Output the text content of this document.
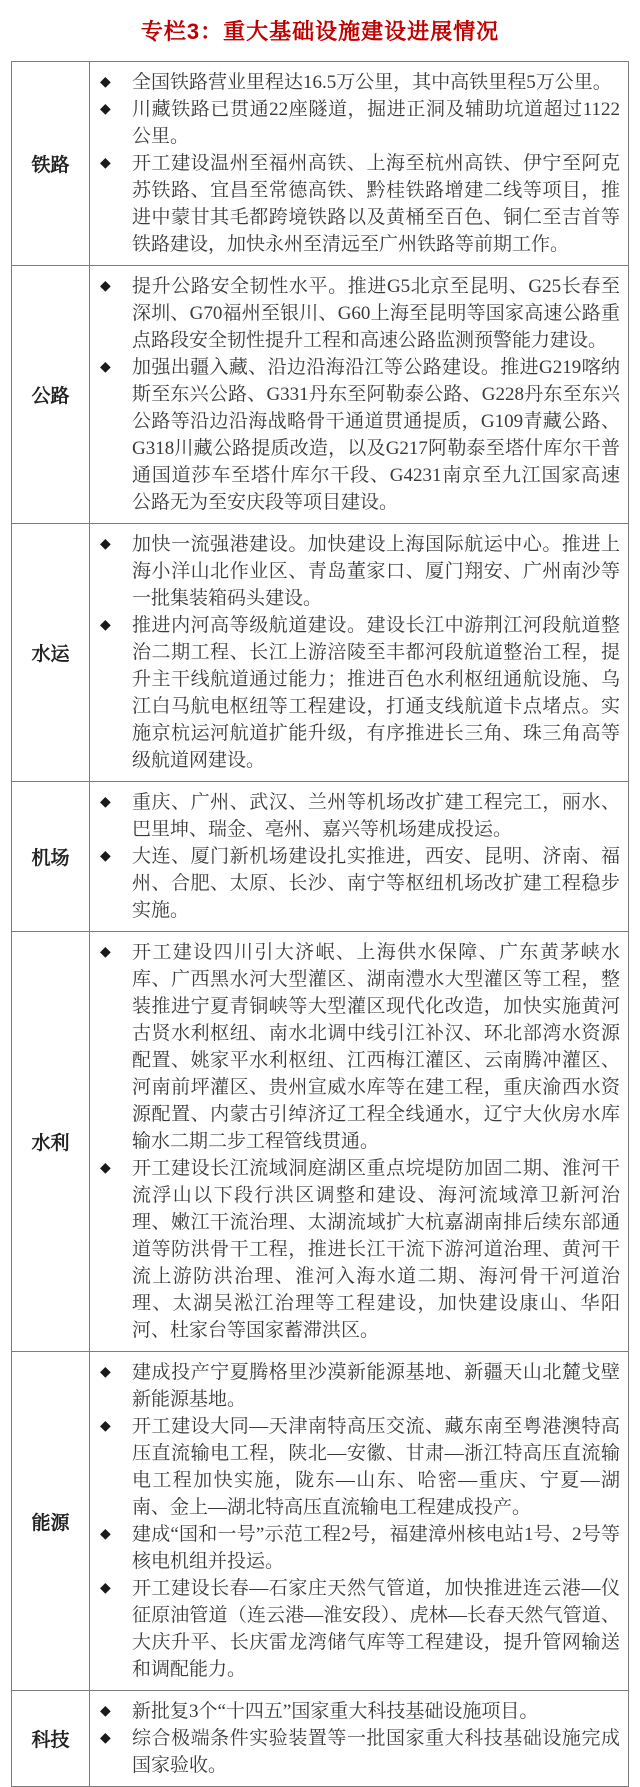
专栏3：重大基础设施建设进展情况
铁路
◆	全国铁路营业里程达16.5万公里，其中高铁里程5万公里。
◆	川藏铁路已贯通22座隧道，掘进正洞及辅助坑道超过1122公里。
◆	开工建设温州至福州高铁、上海至杭州高铁、伊宁至阿克苏铁路、宜昌至常德高铁、黔桂铁路增建二线等项目，推进中蒙甘其毛都跨境铁路以及黄桶至百色、铜仁至吉首等铁路建设，加快永州至清远至广州铁路等前期工作。
公路
◆	提升公路安全韧性水平。推进G5北京至昆明、G25长春至深圳、G70福州至银川、G60上海至昆明等国家高速公路重点路段安全韧性提升工程和高速公路监测预警能力建设。
◆	加强出疆入藏、沿边沿海沿江等公路建设。推进G219喀纳斯至东兴公路、G331丹东至阿勒泰公路、G228丹东至东兴公路等沿边沿海战略骨干通道贯通提质，G109青藏公路、G318川藏公路提质改造，以及G217阿勒泰至塔什库尔干普通国道莎车至塔什库尔干段、G4231南京至九江国家高速公路无为至安庆段等项目建设。
水运
◆	加快一流强港建设。加快建设上海国际航运中心。推进上海小洋山北作业区、青岛董家口、厦门翔安、广州南沙等一批集装箱码头建设。
◆	推进内河高等级航道建设。建设长江中游荆江河段航道整治二期工程、长江上游涪陵至丰都河段航道整治工程，提升主干线航道通过能力；推进百色水利枢纽通航设施、乌江白马航电枢纽等工程建设，打通支线航道卡点堵点。实施京杭运河航道扩能升级，有序推进长三角、珠三角高等级航道网建设。
机场
◆	重庆、广州、武汉、兰州等机场改扩建工程完工，丽水、巴里坤、瑞金、亳州、嘉兴等机场建成投运。
◆	大连、厦门新机场建设扎实推进，西安、昆明、济南、福州、合肥、太原、长沙、南宁等枢纽机场改扩建工程稳步实施。
水利
◆	开工建设四川引大济岷、上海供水保障、广东黄茅峡水库、广西黑水河大型灌区、湖南澧水大型灌区等工程，整装推进宁夏青铜峡等大型灌区现代化改造，加快实施黄河古贤水利枢纽、南水北调中线引江补汉、环北部湾水资源配置、姚家平水利枢纽、江西梅江灌区、云南腾冲灌区、河南前坪灌区、贵州宣威水库等在建工程，重庆渝西水资源配置、内蒙古引绰济辽工程全线通水，辽宁大伙房水库输水二期二步工程管线贯通。
◆	开工建设长江流域洞庭湖区重点垸堤防加固二期、淮河干流浮山以下段行洪区调整和建设、海河流域漳卫新河治理、嫩江干流治理、太湖流域扩大杭嘉湖南排后续东部通道等防洪骨干工程，推进长江干流下游河道治理、黄河干流上游防洪治理、淮河入海水道二期、海河骨干河道治理、太湖吴淞江治理等工程建设，加快建设康山、华阳河、杜家台等国家蓄滞洪区。
能源
◆	建成投产宁夏腾格里沙漠新能源基地、新疆天山北麓戈壁新能源基地。
◆	开工建设大同—天津南特高压交流、藏东南至粤港澳特高压直流输电工程，陕北—安徽、甘肃—浙江特高压直流输电工程加快实施，陇东—山东、哈密—重庆、宁夏—湖南、金上—湖北特高压直流输电工程建成投产。
◆	建成“国和一号”示范工程2号，福建漳州核电站1号、2号等核电机组并投运。
◆	开工建设长春—石家庄天然气管道，加快推进连云港—仪征原油管道（连云港—淮安段）、虎林—长春天然气管道、大庆升平、长庆雷龙湾储气库等工程建设，提升管网输送和调配能力。
科技
◆	新批复3个“十四五”国家重大科技基础设施项目。
◆	综合极端条件实验装置等一批国家重大科技基础设施完成国家验收。
